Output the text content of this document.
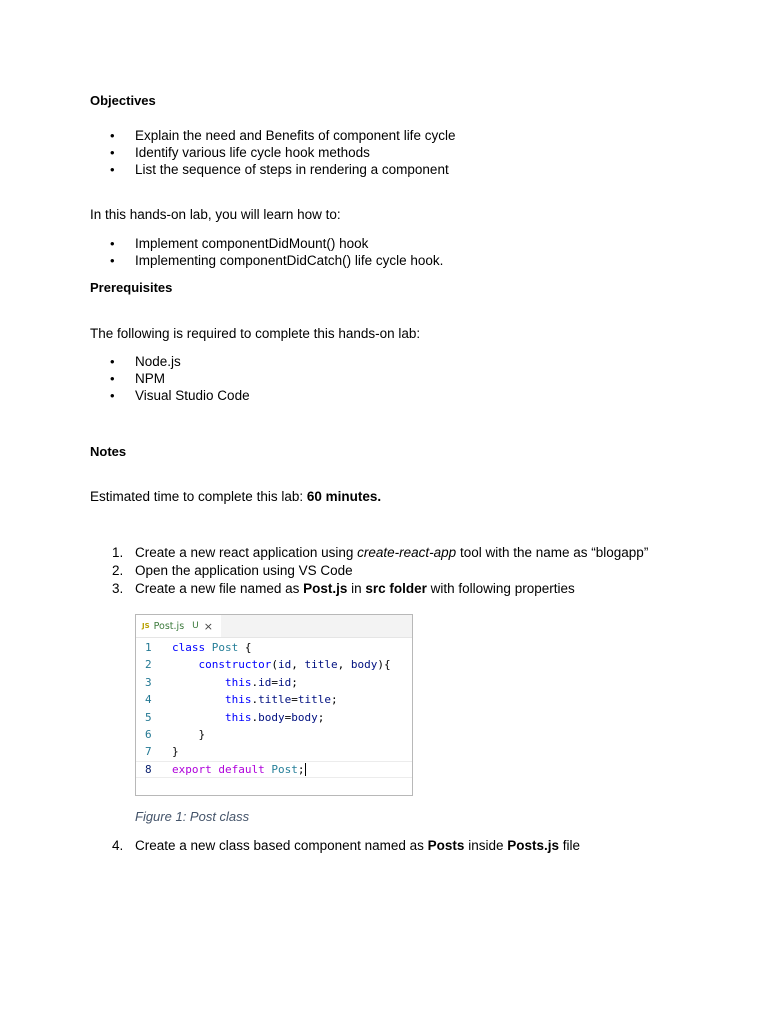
Objectives
• Explain the need and Benefits of component life cycle
• Identify various life cycle hook methods
• List the sequence of steps in rendering a component
In this hands-on lab, you will learn how to:
• Implement componentDidMount() hook
• Implementing componentDidCatch() life cycle hook.
Prerequisites
The following is required to complete this hands-on lab:
• Node.js
• NPM
• Visual Studio Code
Notes
Estimated time to complete this lab: 60 minutes.
1. Create a new react application using create-react-app tool with the name as “blogapp”
2. Open the application using VS Code
3. Create a new file named as Post.js in src folder with following properties
JS Post.js U ×
1	class Post {
2	constructor(id, title, body){
3	this.id=id;
4	this.title=title;
5	this.body=body;
6	}
7	}
8	export default Post;
Figure 1: Post class
4. Create a new class based component named as Posts inside Posts.js file
